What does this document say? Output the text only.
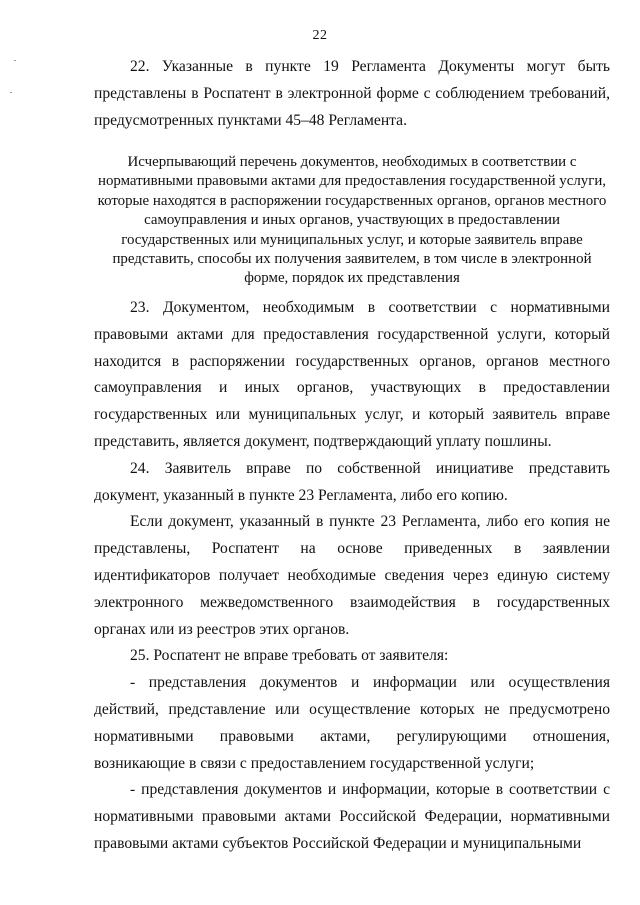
22

22. Указанные в пункте 19 Регламента Документы могут быть представлены в Роспатент в электронной форме с соблюдением требований, предусмотренных пунктами 45–48 Регламента.

Исчерпывающий перечень документов, необходимых в соответствии с нормативными правовыми актами для предоставления государственной услуги, которые находятся в распоряжении государственных органов, органов местного самоуправления и иных органов, участвующих в предоставлении государственных или муниципальных услуг, и которые заявитель вправе представить, способы их получения заявителем, в том числе в электронной форме, порядок их представления

23. Документом, необходимым в соответствии с нормативными правовыми актами для предоставления государственной услуги, который находится в распоряжении государственных органов, органов местного самоуправления и иных органов, участвующих в предоставлении государственных или муниципальных услуг, и который заявитель вправе представить, является документ, подтверждающий уплату пошлины.

24. Заявитель вправе по собственной инициативе представить документ, указанный в пункте 23 Регламента, либо его копию.

Если документ, указанный в пункте 23 Регламента, либо его копия не представлены, Роспатент на основе приведенных в заявлении идентификаторов получает необходимые сведения через единую систему электронного межведомственного взаимодействия в государственных органах или из реестров этих органов.

25. Роспатент не вправе требовать от заявителя:

- представления документов и информации или осуществления действий, представление или осуществление которых не предусмотрено нормативными правовыми актами, регулирующими отношения, возникающие в связи с предоставлением государственной услуги;

- представления документов и информации, которые в соответствии с нормативными правовыми актами Российской Федерации, нормативными правовыми актами субъектов Российской Федерации и муниципальными
